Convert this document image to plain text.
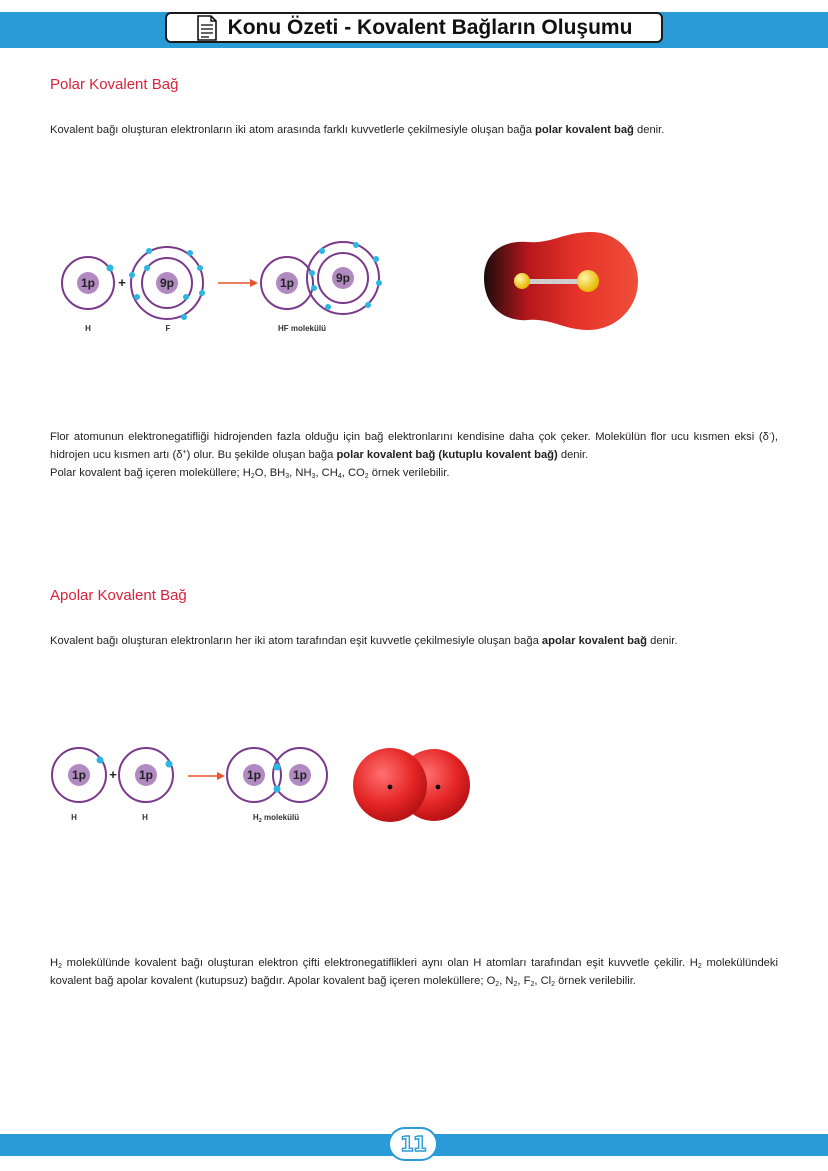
Konu Özeti - Kovalent Bağların Oluşumu
Polar Kovalent Bağ
Kovalent bağı oluşturan elektronların iki atom arasında farklı kuvvetlerle çekilmesiyle oluşan bağa polar kovalent bağ denir.
1p +	9p	1p	9p
H	F	HF molekülü
Flor atomunun elektronegatifliği hidrojenden fazla olduğu için bağ elektronlarını kendisine daha çok çeker. Molekülün flor ucu kısmen eksi (δ-), hidrojen ucu kısmen artı (δ+) olur. Bu şekilde oluşan bağa polar kovalent bağ (kutuplu kovalent bağ) denir.
Polar kovalent bağ içeren moleküllere; $H_2O$, $BH_3$, $NH_3$, $CH_4$, $CO_2$ örnek verilebilir.
Apolar Kovalent Bağ
Kovalent bağı oluşturan elektronların her iki atom tarafından eşit kuvvetle çekilmesiyle oluşan bağa apolar kovalent bağ denir.
1p + 1p	1p	1p
H	H	$H_2$ molekülü
$H_2$ molekülünde kovalent bağı oluşturan elektron çifti elektronegatiflikleri aynı olan H atomları tarafından eşit kuvvetle çekilir. $H_2$ molekülündeki kovalent bağ apolar kovalent (kutupsuz) bağdır. Apolar kovalent bağ içeren moleküllere; $O_2$, $N_2$, $F_2$, $Cl_2$ örnek verilebilir.
11
